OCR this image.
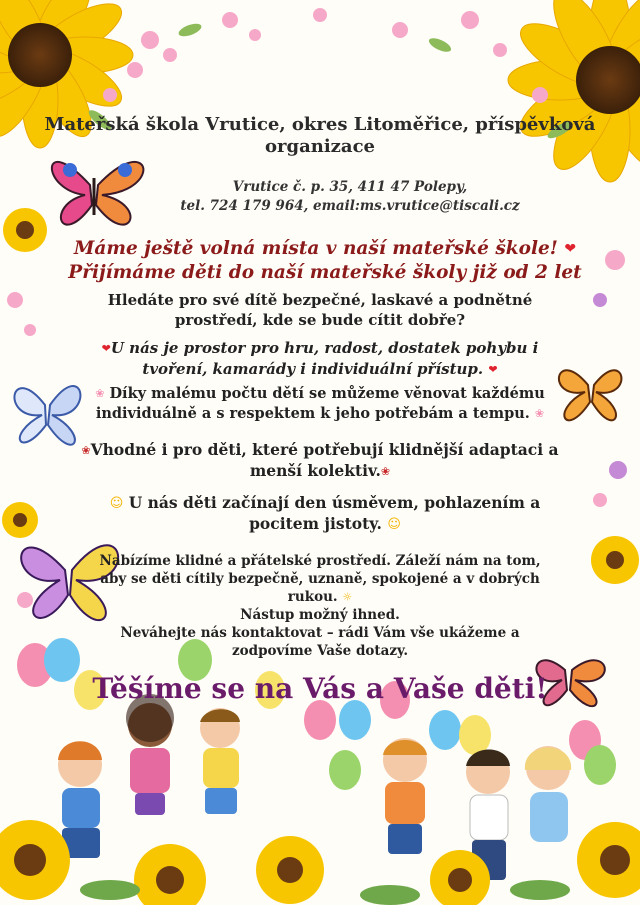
Mateřská škola Vrutice, okres Litoměřice, příspěvková organizace
Vrutice č. p. 35, 411 47 Polepy,
tel. 724 179 964, email:ms.vrutice@tiscali.cz
Máme ještě volná místa v naší mateřské škole! ❤
Přijímáme děti do naší mateřské školy již od 2 let
Hledáte pro své dítě bezpečné, laskavé a podnětné prostředí, kde se bude cítit dobře?
❤U nás je prostor pro hru, radost, dostatek pohybu i tvoření, kamarády i individuální přístup. ❤
❀ Díky malému počtu dětí se můžeme věnovat každému individuálně a s respektem k jeho potřebám a tempu. ❀
❀Vhodné i pro děti, které potřebují klidnější adaptaci a menší kolektiv.❀
☺ U nás děti začínají den úsměvem, pohlazením a pocitem jistoty. ☺
Nabízíme klidné a přátelské prostředí. Záleží nám na tom, aby se děti cítily bezpečně, uznaně, spokojené a v dobrých rukou. ☼
Nástup možný ihned.
Neváhejte nás kontaktovat – rádi Vám vše ukážeme a zodpovíme Vaše dotazy.
Těšíme se na Vás a Vaše děti!
